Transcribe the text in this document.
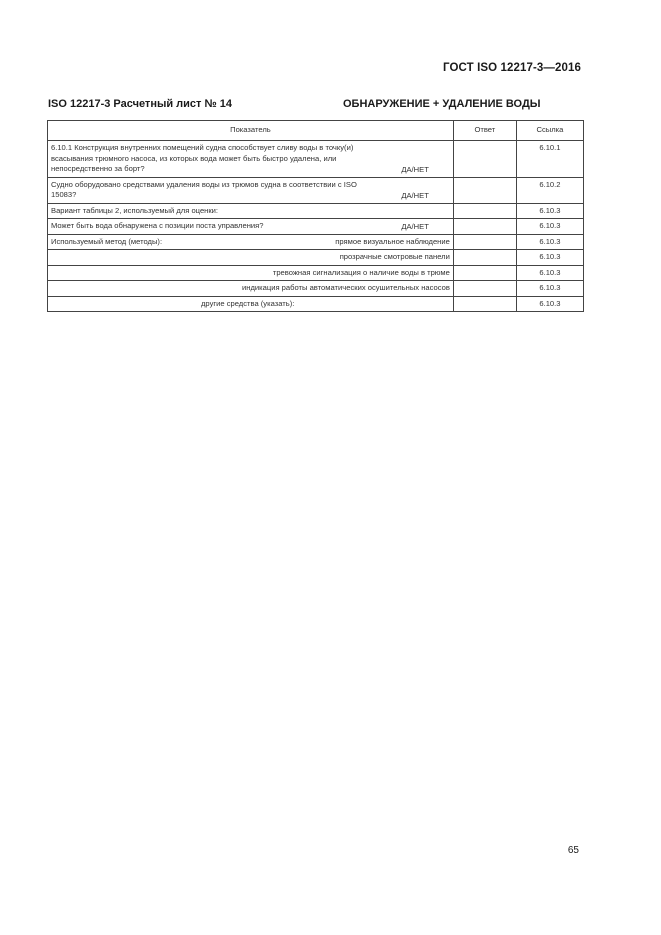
ГОСТ ISO 12217-3—2016
ISO 12217-3 Расчетный лист № 14	ОБНАРУЖЕНИЕ + УДАЛЕНИЕ ВОДЫ
Показатель	Ответ	Ссылка

6.10.1 Конструкция внутренних помещений судна способствует сливу воды в точку(и) всасывания трюмного насоса, из которых вода может быть быстро удалена, или непосредственно за борт? ДА/НЕТ		6.10.1

Судно оборудовано средствами удаления воды из трюмов судна в соответствии с ISO 15083? ДА/НЕТ		6.10.2
Вариант таблицы 2, используемый для оценки:		6.10.3
Может быть вода обнаружена с позиции поста управления? ДА/НЕТ		6.10.3

Используемый метод (методы): прямое визуальное наблюдение		6.10.3
прозрачные смотровые панели		6.10.3
тревожная сигнализация о наличие воды в трюме		6.10.3
индикация работы автоматических осушительных насосов		6.10.3
другие средства (указать):		6.10.3
65
